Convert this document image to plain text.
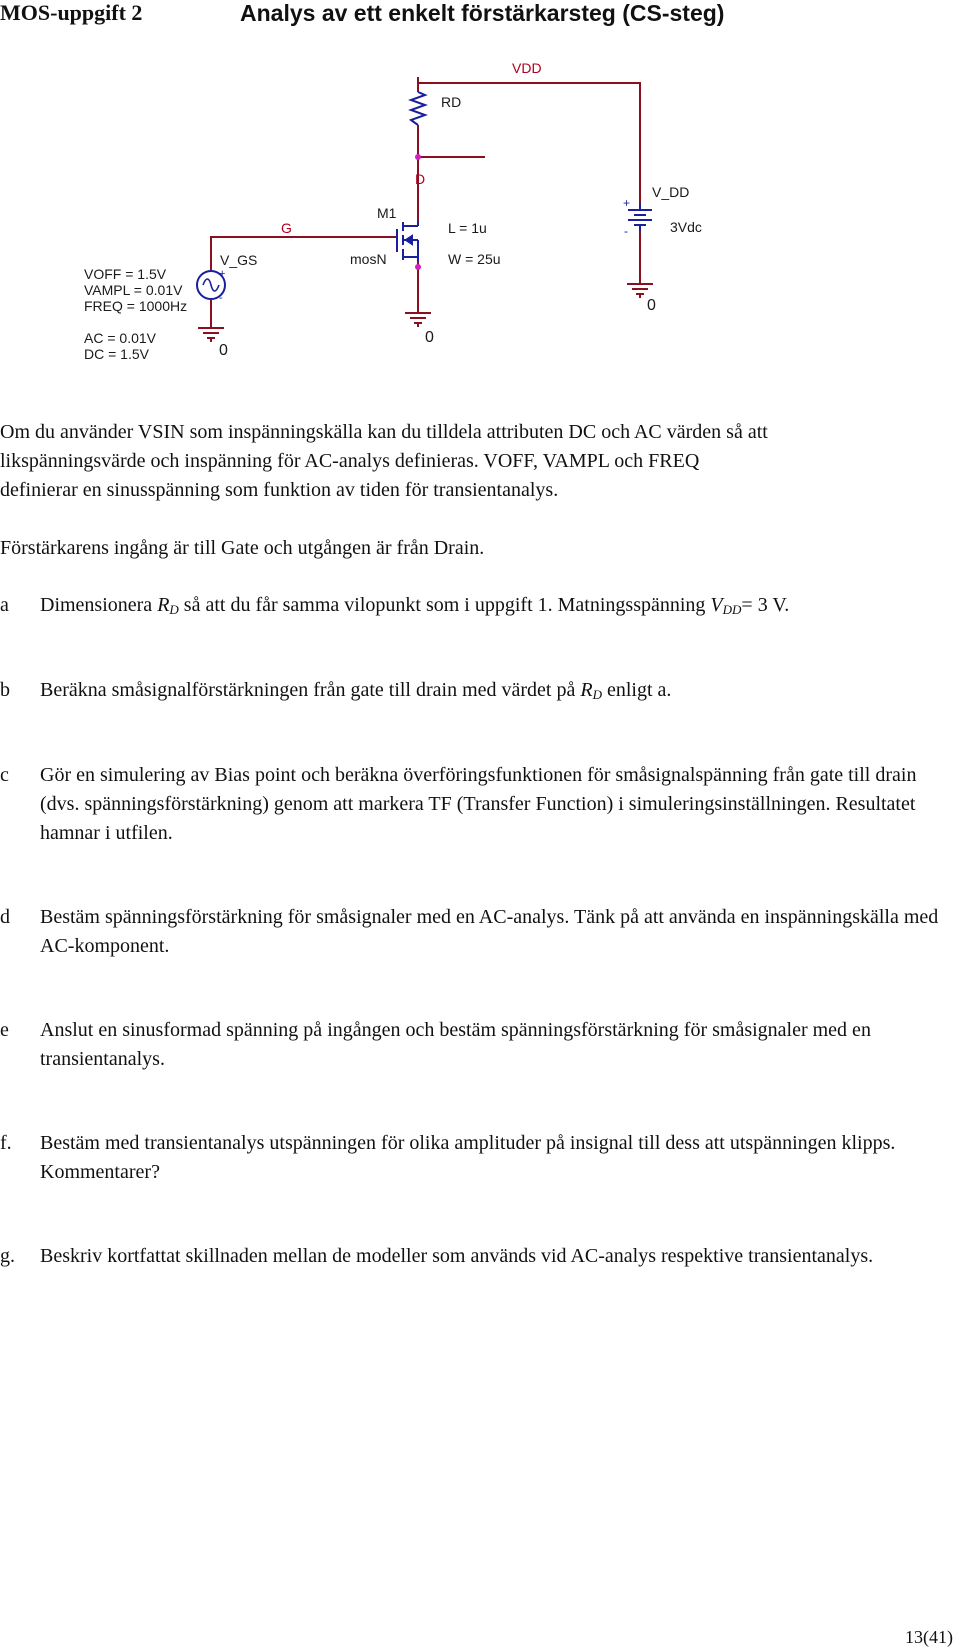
MOS-uppgift 2	Analys av ett enkelt förstärkarsteg (CS-steg)
+
-
+
-
VDD
RD
D
M1
G	L = 1u
mosN	W = 25u
V_GS
V_DD
3Vdc
VOFF = 1.5V
VAMPL = 0.01V
FREQ = 1000Hz
AC = 0.01V
DC = 1.5V	0
0
0

Om du använder VSIN som inspänningskälla kan du tilldela attributen DC och AC värden så att
likspänningsvärde och inspänning för AC-analys definieras. VOFF, VAMPL och FREQ
definierar en sinusspänning som funktion av tiden för transientanalys.

Förstärkarens ingång är till Gate och utgången är från Drain.

a	Dimensionera $R_D$ så att du får samma vilopunkt som i uppgift 1. Matningsspänning $V_{DD}= 3$ V.
b	Beräkna småsignalförstärkningen från gate till drain med värdet på $R_D$ enligt a.
c	Gör en simulering av Bias point och beräkna överföringsfunktionen för småsignalspänning från gate till drain (dvs. spänningsförstärkning) genom att markera TF (Transfer Function) i simuleringsinställningen. Resultatet hamnar i utfilen.
d	Bestäm spänningsförstärkning för småsignaler med en AC-analys. Tänk på att använda en inspänningskälla med AC-komponent.
e	Anslut en sinusformad spänning på ingången och bestäm spänningsförstärkning för småsignaler med en transientanalys.
f.	Bestäm med transientanalys utspänningen för olika amplituder på insignal till dess att utspänningen klipps. Kommentarer?
g.	Beskriv kortfattat skillnaden mellan de modeller som används vid AC-analys respektive transientanalys.
13(41)
